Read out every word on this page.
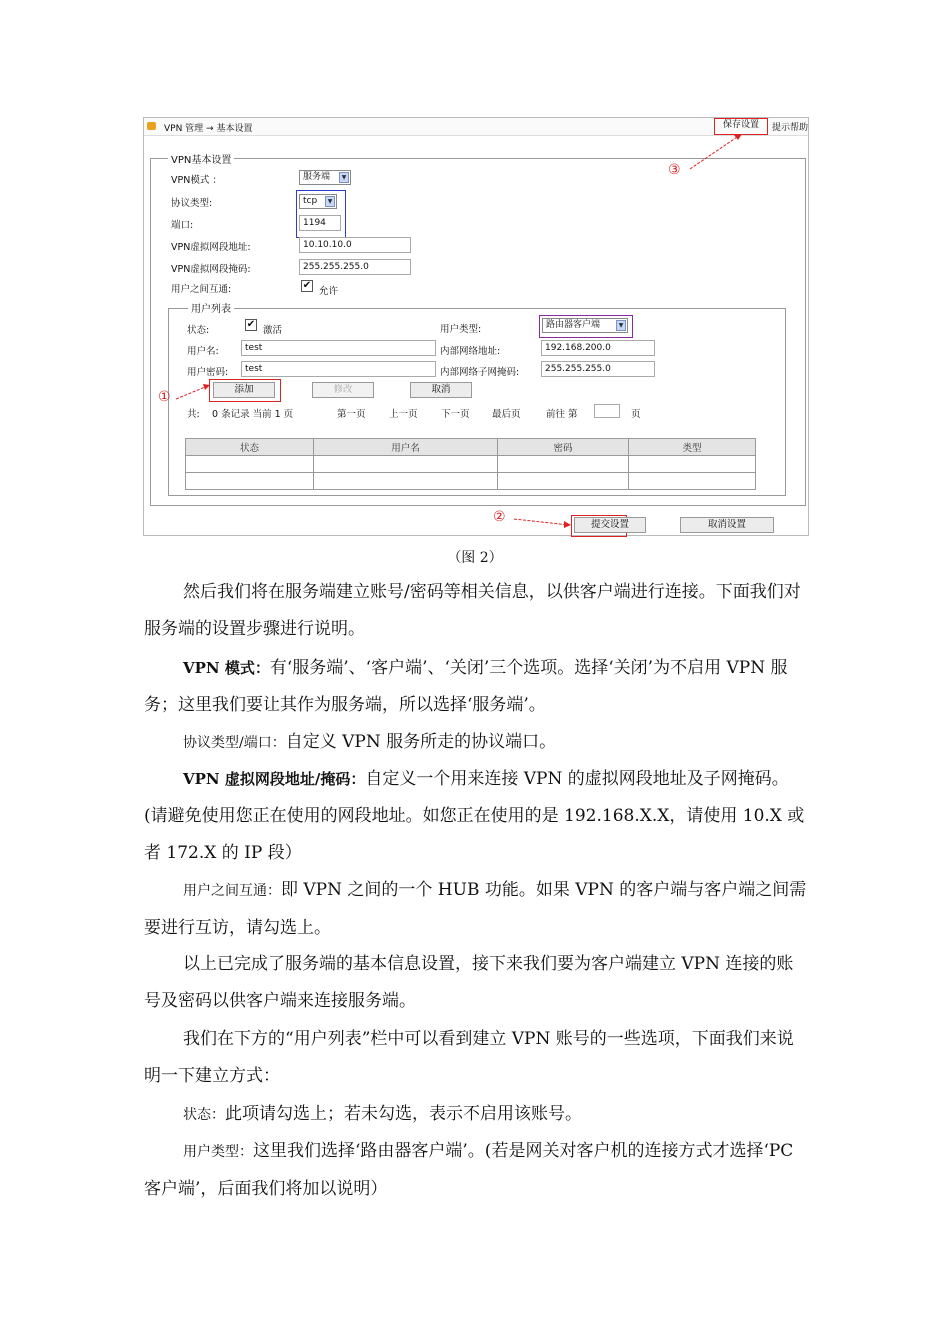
VPN 管理 → 基本设置	保存设置	提示帮助
VPN基本设置
VPN模式 ：	服务端	▼
协议类型:	tcp	▼
端口:	1194
VPN虚拟网段地址:	10.10.10.0
VPN虚拟网段掩码:	255.255.255.0
用户之间互通:	✔
允许
用户列表
状态:
✔
激活	用户类型:	路由器客户端	▼
用户名:	test	内部网络地址:	192.168.200.0
用户密码:	test	内部网络子网掩码:	255.255.255.0
添加	修改	取消
共: 0 条记录 当前 1 页	第一页 上一页 下一页 最后页	前往 第	页
状态	用户名	密码	类型

提交设置	取消设置
①
②
③
（图 2）

然后我们将在服务端建立账号/密码等相关信息，以供客户端进行连接。下面我们对服务端的设置步骤进行说明。

VPN 模式：有‘服务端’、‘客户端’、‘关闭’三个选项。选择‘关闭’为不启用 VPN 服务；这里我们要让其作为服务端，所以选择‘服务端’。

协议类型/端口：自定义 VPN 服务所走的协议端口。

VPN 虚拟网段地址/掩码：自定义一个用来连接 VPN 的虚拟网段地址及子网掩码。(请避免使用您正在使用的网段地址。如您正在使用的是 192.168.X.X，请使用 10.X 或者 172.X 的 IP 段）

用户之间互通：即 VPN 之间的一个 HUB 功能。如果 VPN 的客户端与客户端之间需要进行互访，请勾选上。

以上已完成了服务端的基本信息设置，接下来我们要为客户端建立 VPN 连接的账号及密码以供客户端来连接服务端。

我们在下方的“用户列表”栏中可以看到建立 VPN 账号的一些选项，下面我们来说明一下建立方式：

状态：此项请勾选上；若未勾选，表示不启用该账号。

用户类型：这里我们选择‘路由器客户端’。(若是网关对客户机的连接方式才选择‘PC 客户端’，后面我们将加以说明）
